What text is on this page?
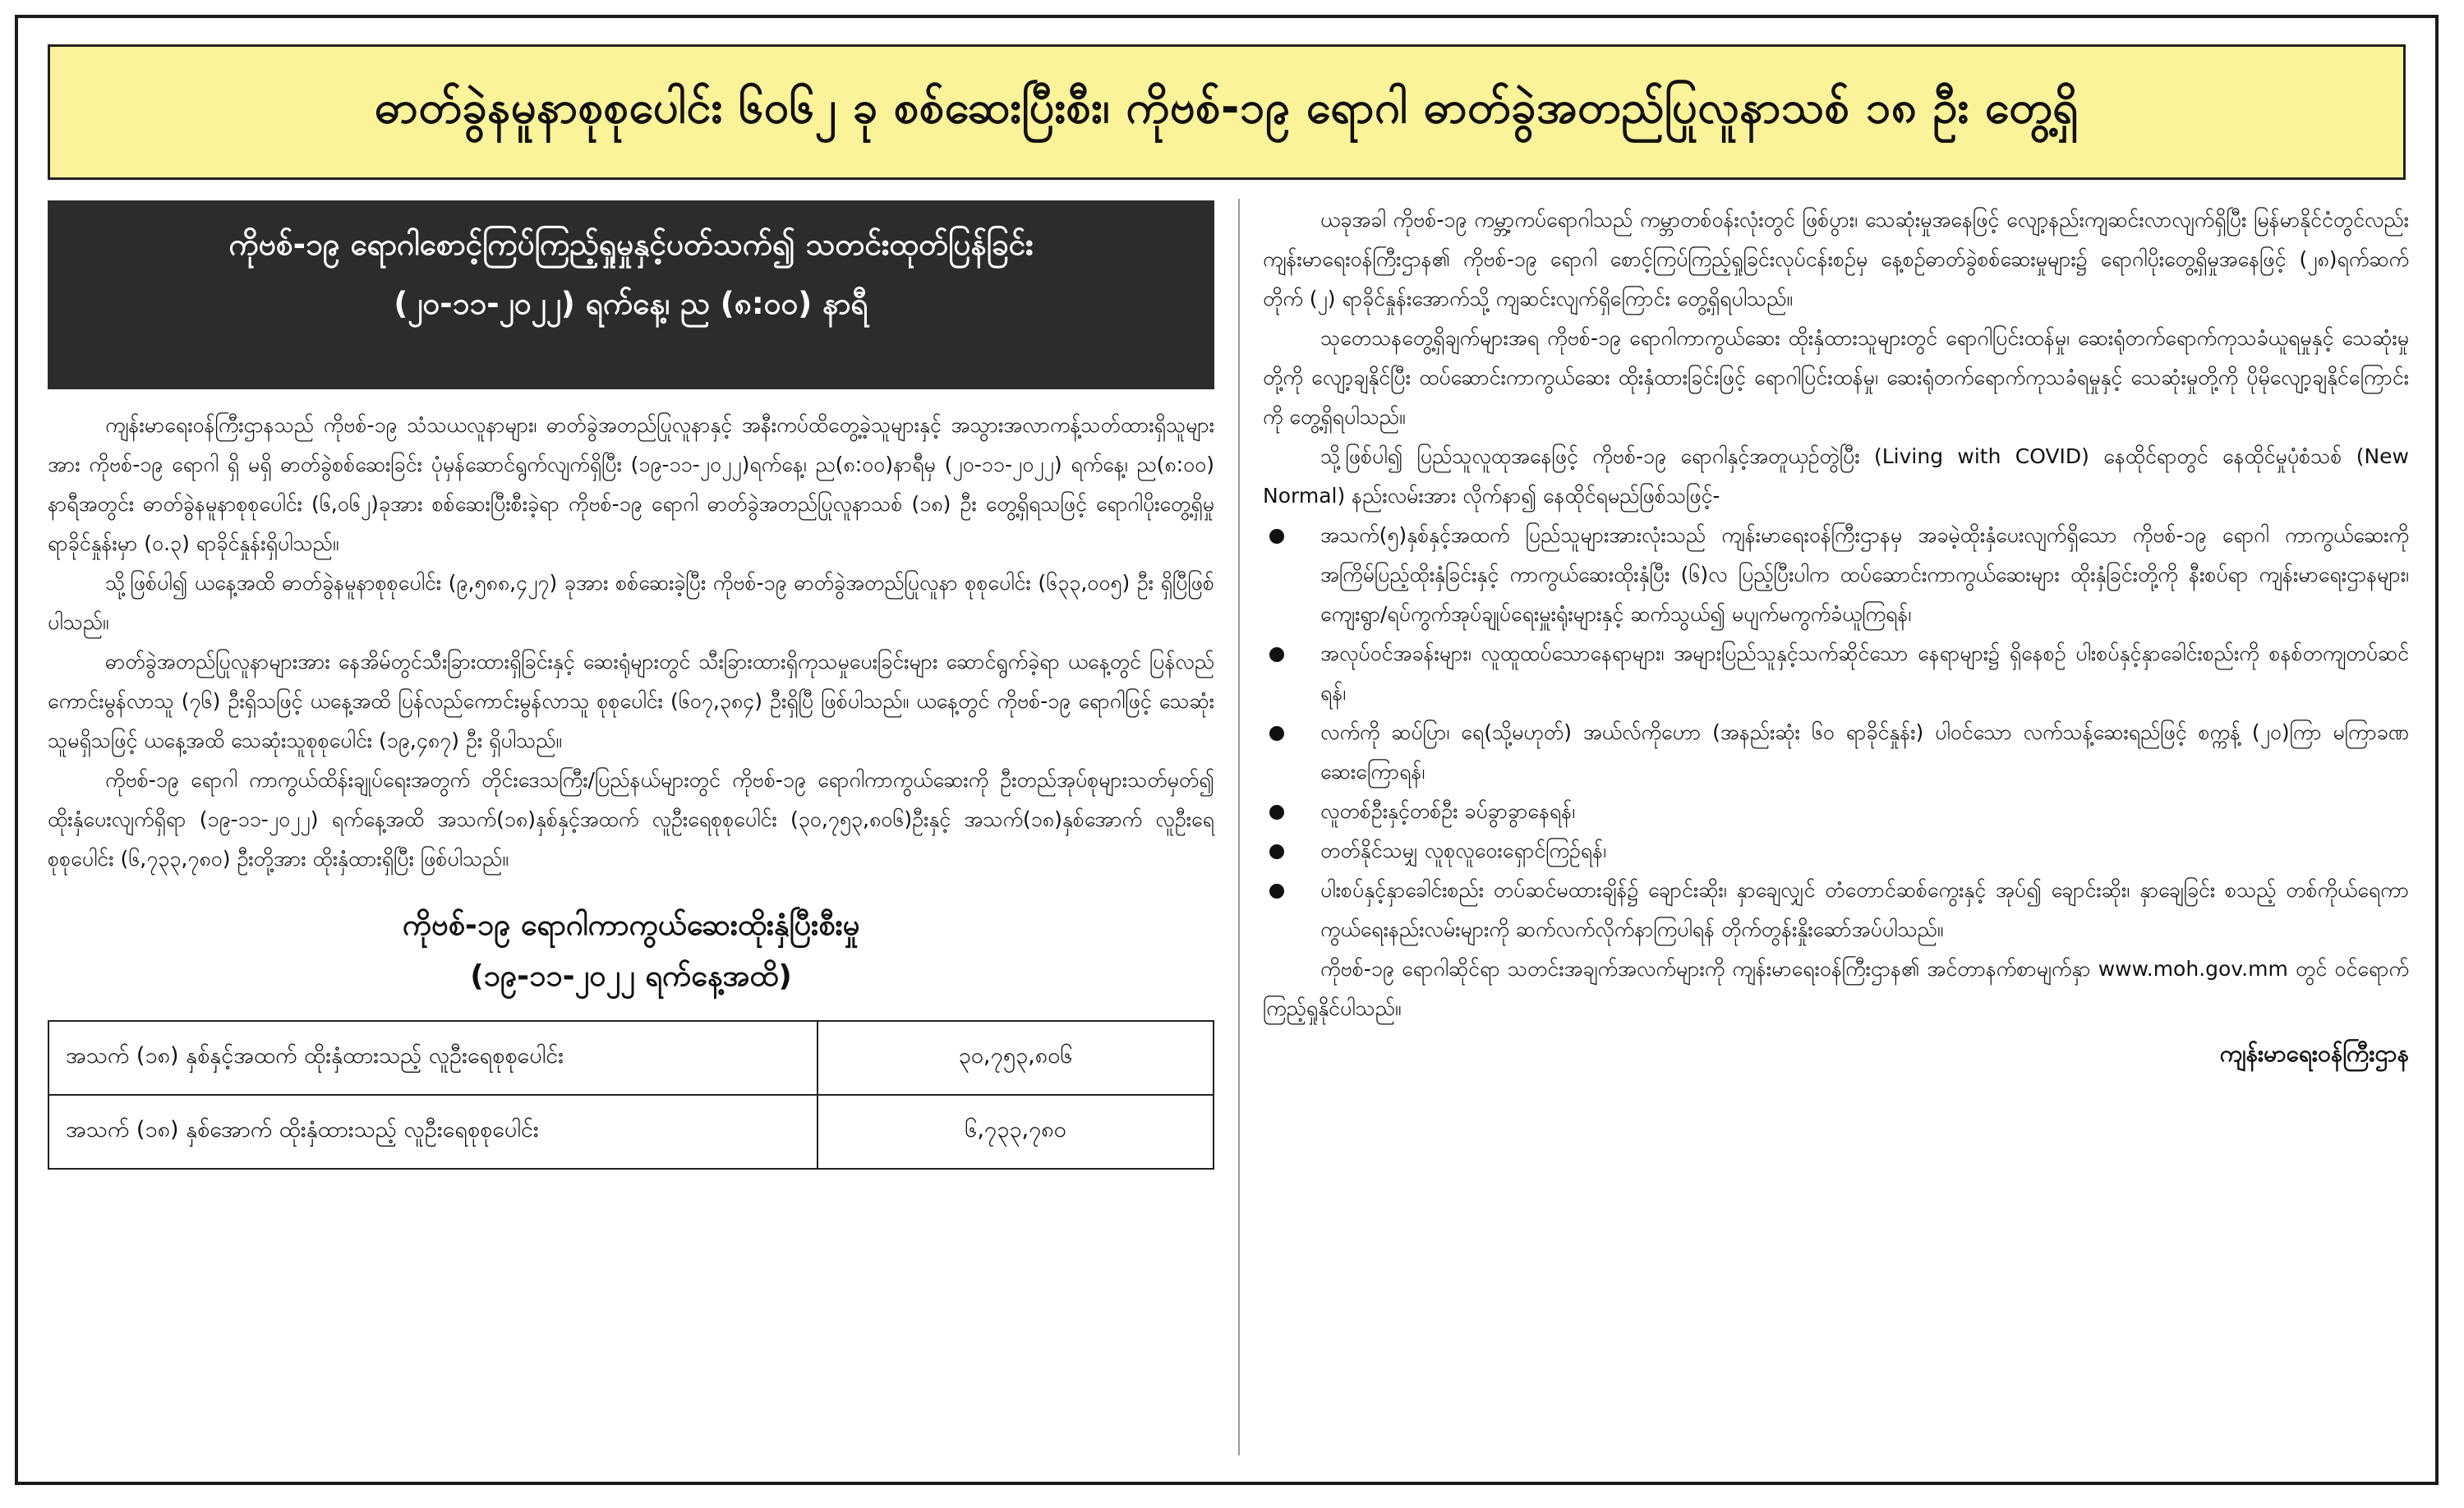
ဓာတ်ခွဲနမူနာစုစုပေါင်း ၆၀၆၂ ခု စစ်ဆေးပြီးစီး၊ ကိုဗစ်-၁၉ ရောဂါ ဓာတ်ခွဲအတည်ပြုလူနာသစ် ၁၈ ဦး တွေ့ရှိ
ကိုဗစ်-၁၉ ရောဂါစောင့်ကြပ်ကြည့်ရှုမှုနှင့်ပတ်သက်၍ သတင်းထုတ်ပြန်ခြင်း
(၂၀-၁၁-၂၀၂၂) ရက်နေ့၊ ည (၈:၀၀) နာရီ

ကျန်းမာရေးဝန်ကြီးဌာနသည် ကိုဗစ်-၁၉ သံသယလူနာများ၊ ဓာတ်ခွဲအတည်ပြုလူနာနှင့် အနီးကပ်ထိတွေ့ခဲ့သူများနှင့် အသွားအလာကန့်သတ်ထားရှိသူများအား ကိုဗစ်-၁၉ ရောဂါ ရှိ မရှိ ဓာတ်ခွဲစစ်ဆေးခြင်း ပုံမှန်ဆောင်ရွက်လျက်ရှိပြီး (၁၉-၁၁-၂၀၂၂)ရက်နေ့၊ ည(၈:၀၀)နာရီမှ (၂၀-၁၁-၂၀၂၂) ရက်နေ့၊ ည(၈:၀၀) နာရီအတွင်း ဓာတ်ခွဲနမူနာစုစုပေါင်း (၆,၀၆၂)ခုအား စစ်ဆေးပြီးစီးခဲ့ရာ ကိုဗစ်-၁၉ ရောဂါ ဓာတ်ခွဲအတည်ပြုလူနာသစ် (၁၈) ဦး တွေ့ရှိရသဖြင့် ရောဂါပိုးတွေ့ရှိမှု ရာခိုင်နှုန်းမှာ (၀.၃) ရာခိုင်နှုန်းရှိပါသည်။

သို့ဖြစ်ပါ၍ ယနေ့အထိ ဓာတ်ခွဲနမူနာစုစုပေါင်း (၉,၅၈၈,၄၂၇) ခုအား စစ်ဆေးခဲ့ပြီး ကိုဗစ်-၁၉ ဓာတ်ခွဲအတည်ပြုလူနာ စုစုပေါင်း (၆၃၃,၀၀၅) ဦး ရှိပြီဖြစ်ပါသည်။

ဓာတ်ခွဲအတည်ပြုလူနာများအား နေအိမ်တွင်သီးခြားထားရှိခြင်းနှင့် ဆေးရုံများတွင် သီးခြားထားရှိကုသမှုပေးခြင်းများ ဆောင်ရွက်ခဲ့ရာ ယနေ့တွင် ပြန်လည်ကောင်းမွန်လာသူ (၇၆) ဦးရှိသဖြင့် ယနေ့အထိ ပြန်လည်ကောင်းမွန်လာသူ စုစုပေါင်း (၆၀၇,၃၈၄) ဦးရှိပြီ ဖြစ်ပါသည်။ ယနေ့တွင် ကိုဗစ်-၁၉ ရောဂါဖြင့် သေဆုံးသူမရှိသဖြင့် ယနေ့အထိ သေဆုံးသူစုစုပေါင်း (၁၉,၄၈၇) ဦး ရှိပါသည်။

ကိုဗစ်-၁၉ ရောဂါ ကာကွယ်ထိန်းချုပ်ရေးအတွက် တိုင်းဒေသကြီး/ပြည်နယ်များတွင် ကိုဗစ်-၁၉ ရောဂါကာကွယ်ဆေးကို ဦးတည်အုပ်စုများသတ်မှတ်၍ ထိုးနှံပေးလျက်ရှိရာ (၁၉-၁၁-၂၀၂၂) ရက်နေ့အထိ အသက်(၁၈)နှစ်နှင့်အထက် လူဦးရေစုစုပေါင်း (၃၀,၇၅၃,၈၀၆)ဦးနှင့် အသက်(၁၈)နှစ်အောက် လူဦးရေစုစုပေါင်း (၆,၇၃၃,၇၈၀) ဦးတို့အား ထိုးနှံထားရှိပြီး ဖြစ်ပါသည်။

ကိုဗစ်-၁၉ ရောဂါကာကွယ်ဆေးထိုးနှံပြီးစီးမှု
(၁၉-၁၁-၂၀၂၂ ရက်နေ့အထိ)
အသက် (၁၈) နှစ်နှင့်အထက် ထိုးနှံထားသည့် လူဦးရေစုစုပေါင်း	၃၀,၇၅၃,၈၀၆
အသက် (၁၈) နှစ်အောက် ထိုးနှံထားသည့် လူဦးရေစုစုပေါင်း	၆,၇၃၃,၇၈၀

ယခုအခါ ကိုဗစ်-၁၉ ကမ္ဘာ့ကပ်ရောဂါသည် ကမ္ဘာတစ်ဝန်းလုံးတွင် ဖြစ်ပွား၊ သေဆုံးမှုအနေဖြင့် လျော့နည်းကျဆင်းလာလျက်ရှိပြီး မြန်မာနိုင်ငံတွင်လည်း ကျန်းမာရေးဝန်ကြီးဌာန၏ ကိုဗစ်-၁၉ ရောဂါ စောင့်ကြပ်ကြည့်ရှုခြင်းလုပ်ငန်းစဉ်မှ နေ့စဉ်ဓာတ်ခွဲစစ်ဆေးမှုများ၌ ရောဂါပိုးတွေ့ရှိမှုအနေဖြင့် (၂၈)ရက်ဆက်တိုက် (၂) ရာခိုင်နှုန်းအောက်သို့ ကျဆင်းလျက်ရှိကြောင်း တွေ့ရှိရပါသည်။

သုတေသနတွေ့ရှိချက်များအရ ကိုဗစ်-၁၉ ရောဂါကာကွယ်ဆေး ထိုးနှံထားသူများတွင် ရောဂါပြင်းထန်မှု၊ ဆေးရုံတက်ရောက်ကုသခံယူရမှုနှင့် သေဆုံးမှုတို့ကို လျော့ချနိုင်ပြီး ထပ်ဆောင်းကာကွယ်ဆေး ထိုးနှံထားခြင်းဖြင့် ရောဂါပြင်းထန်မှု၊ ဆေးရုံတက်ရောက်ကုသခံရမှုနှင့် သေဆုံးမှုတို့ကို ပိုမိုလျော့ချနိုင်ကြောင်းကို တွေ့ရှိရပါသည်။

သို့ဖြစ်ပါ၍ ပြည်သူလူထုအနေဖြင့် ကိုဗစ်-၁၉ ရောဂါနှင့်အတူယှဉ်တွဲပြီး (Living with COVID) နေထိုင်ရာတွင် နေထိုင်မှုပုံစံသစ် (New Normal) နည်းလမ်းအား လိုက်နာ၍ နေထိုင်ရမည်ဖြစ်သဖြင့်-

အသက်(၅)နှစ်နှင့်အထက် ပြည်သူများအားလုံးသည် ကျန်းမာရေးဝန်ကြီးဌာနမှ အခမဲ့ထိုးနှံပေးလျက်ရှိသော ကိုဗစ်-၁၉ ရောဂါ ကာကွယ်ဆေးကို အကြိမ်ပြည့်ထိုးနှံခြင်းနှင့် ကာကွယ်ဆေးထိုးနှံပြီး (၆)လ ပြည့်ပြီးပါက ထပ်ဆောင်းကာကွယ်ဆေးများ ထိုးနှံခြင်းတို့ကို နီးစပ်ရာ ကျန်းမာရေးဌာနများ၊ ကျေးရွာ/ရပ်ကွက်အုပ်ချုပ်ရေးမှူးရုံးများနှင့် ဆက်သွယ်၍ မပျက်မကွက်ခံယူကြရန်၊
အလုပ်ဝင်အခန်းများ၊ လူထူထပ်သောနေရာများ၊ အများပြည်သူနှင့်သက်ဆိုင်သော နေရာများ၌ ရှိနေစဉ် ပါးစပ်နှင့်နှာခေါင်းစည်းကို စနစ်တကျတပ်ဆင်ရန်၊
လက်ကို ဆပ်ပြာ၊ ရေ(သို့မဟုတ်) အယ်လ်ကိုဟော (အနည်းဆုံး ၆၀ ရာခိုင်နှုန်း) ပါဝင်သော လက်သန့်ဆေးရည်ဖြင့် စက္ကန့် (၂၀)ကြာ မကြာခဏ ဆေးကြောရန်၊
လူတစ်ဦးနှင့်တစ်ဦး ခပ်ခွာခွာနေရန်၊
တတ်နိုင်သမျှ လူစုလူဝေးရှောင်ကြဉ်ရန်၊
ပါးစပ်နှင့်နှာခေါင်းစည်း တပ်ဆင်မထားချိန်၌ ချောင်းဆိုး၊ နှာချေလျှင် တံတောင်ဆစ်ကွေးနှင့် အုပ်၍ ချောင်းဆိုး၊ နှာချေခြင်း စသည့် တစ်ကိုယ်ရေကာကွယ်ရေးနည်းလမ်းများကို ဆက်လက်လိုက်နာကြပါရန် တိုက်တွန်းနှိုးဆော်အပ်ပါသည်။

ကိုဗစ်-၁၉ ရောဂါဆိုင်ရာ သတင်းအချက်အလက်များကို ကျန်းမာရေးဝန်ကြီးဌာန၏ အင်တာနက်စာမျက်နှာ www.moh.gov.mm တွင် ဝင်ရောက်ကြည့်ရှုနိုင်ပါသည်။

ကျန်းမာရေးဝန်ကြီးဌာန
